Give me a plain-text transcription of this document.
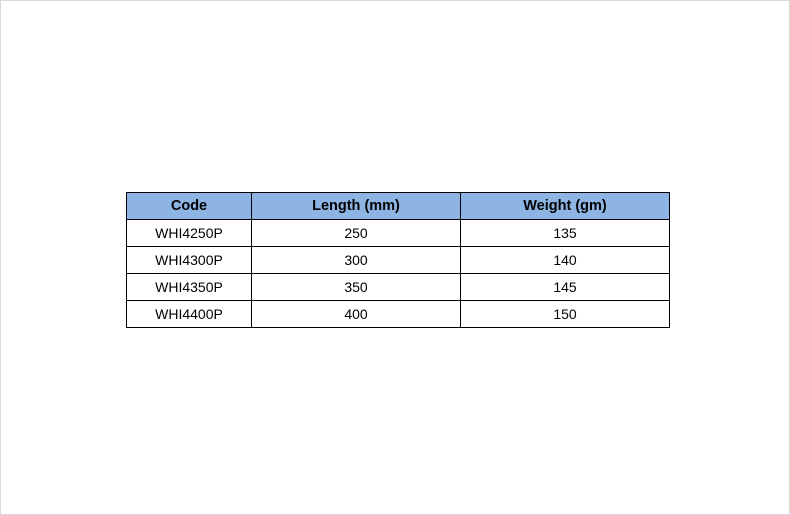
Code	Length (mm)	Weight (gm)
WHI4250P	250	135
WHI4300P	300	140
WHI4350P	350	145
WHI4400P	400	150
